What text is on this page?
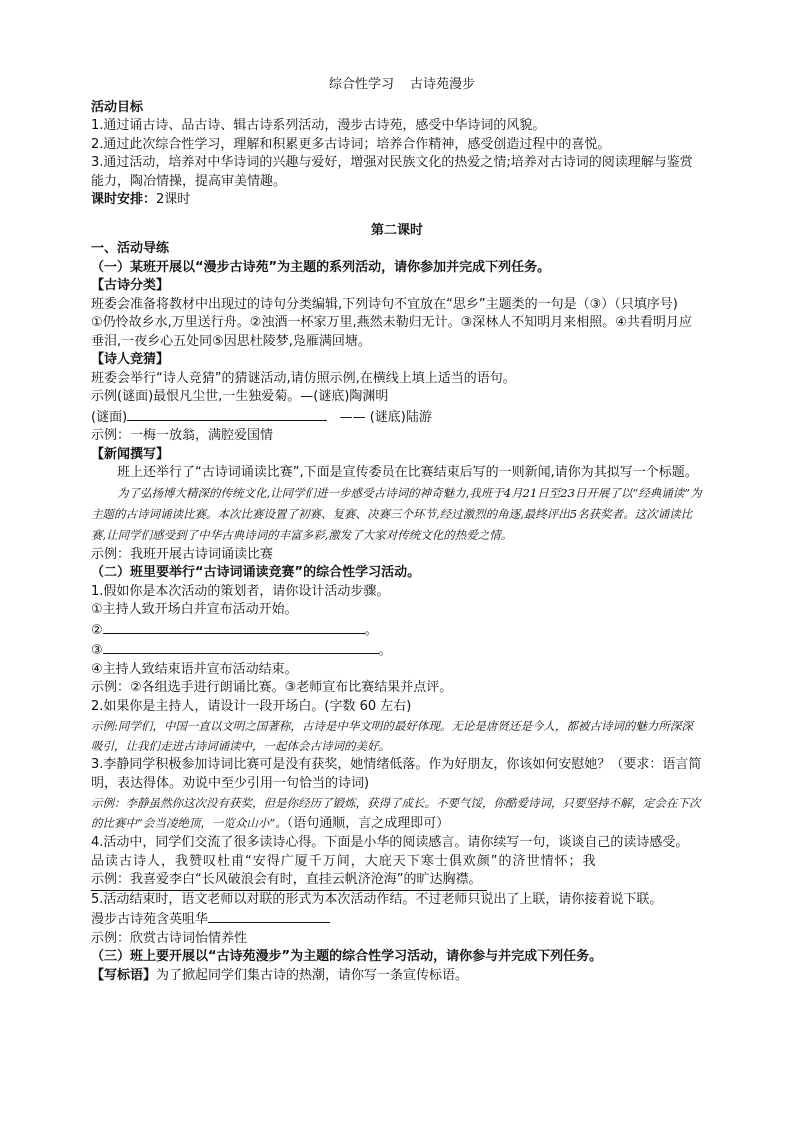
综合性学习 古诗苑漫步

活动目标

1.通过诵古诗、品古诗、辑古诗系列活动，漫步古诗苑，感受中华诗词的风貌。

2.通过此次综合性学习，理解和积累更多古诗词；培养合作精神，感受创造过程中的喜悦。

3.通过活动，培养对中华诗词的兴趣与爱好，增强对民族文化的热爱之情;培养对古诗词的阅读理解与鉴赏能力，陶冶情操，提高审美情趣。

课时安排：2课时

第二课时

一、活动导练

（一）某班开展以“漫步古诗苑”为主题的系列活动，请你参加并完成下列任务。

【古诗分类】

班委会准备将教材中出现过的诗句分类编辑,下列诗句不宜放在“思乡”主题类的一句是（③）（只填序号)

①仍怜故乡水,万里送行舟。②浊酒一杯家万里,燕然未勒归无计。③深林人不知明月来相照。④共看明月应垂泪,一夜乡心五处同⑤因思杜陵梦,凫雁满回塘。

【诗人竞猜】

班委会举行“诗人竞猜”的猜谜活动,请仿照示例,在横线上填上适当的语句。

示例(谜面)最恨凡尘世,一生独爱菊。—(谜底)陶渊明

(谜面)	—— (谜底)陆游

示例：一梅一放翁，满腔爱国情

【新闻撰写】

班上还举行了“古诗词诵读比赛”,下面是宣传委员在比赛结束后写的一则新闻,请你为其拟写一个标题。

为了弘扬博大精深的传统文化,让同学们进一步感受古诗词的神奇魅力,我班于4月21日至23日开展了以“经典诵读”为主题的古诗词诵读比赛。本次比赛设置了初赛、复赛、决赛三个环节,经过激烈的角逐,最终评出5名获奖者。这次诵读比赛,让同学们感受到了中华古典诗词的丰富多彩,激发了大家对传统文化的热爱之情。

示例：我班开展古诗词诵读比赛

（二）班里要举行“古诗词诵读竞赛”的综合性学习活动。

1.假如你是本次活动的策划者，请你设计活动步骤。

①主持人致开场白并宣布活动开始。

②	。

③	。

④主持人致结束语并宣布活动结束。

示例：②各组选手进行朗诵比赛。③老师宣布比赛结果并点评。

2.如果你是主持人，请设计一段开场白。(字数 60 左右)

示例:同学们，中国一直以文明之国著称，古诗是中华文明的最好体现。无论是唐贤还是今人，都被古诗词的魅力所深深吸引，让我们走进古诗词诵读中，一起体会古诗词的美好。

3.李静同学积极参加诗词比赛可是没有获奖，她情绪低落。作为好朋友，你该如何安慰她？（要求：语言简明，表达得体。劝说中至少引用一句恰当的诗词)

示例：李静虽然你这次没有获奖，但是你经历了锻炼，获得了成长。不要气馁，你酷爱诗词，只要坚持不解，定会在下次的比赛中“会当凌绝顶，一览众山小”。（语句通顺，言之成理即可）

4.活动中，同学们交流了很多读诗心得。下面是小华的阅读感言。请你续写一句，谈谈自己的读诗感受。

品读古诗人，我赞叹杜甫“安得广厦千万间，大庇天下寒士俱欢颜”的济世情怀；我

示例：我喜爱李白“长风破浪会有时，直挂云帆济沧海”的旷达胸襟。

5.活动结束时，语文老师以对联的形式为本次活动作结。不过老师只说出了上联，请你接着说下联。

漫步古诗苑含英咀华

示例：欣赏古诗词怡情养性

（三）班上要开展以“古诗苑漫步”为主题的综合性学习活动，请你参与并完成下列任务。

【写标语】为了掀起同学们集古诗的热潮，请你写一条宣传标语。
